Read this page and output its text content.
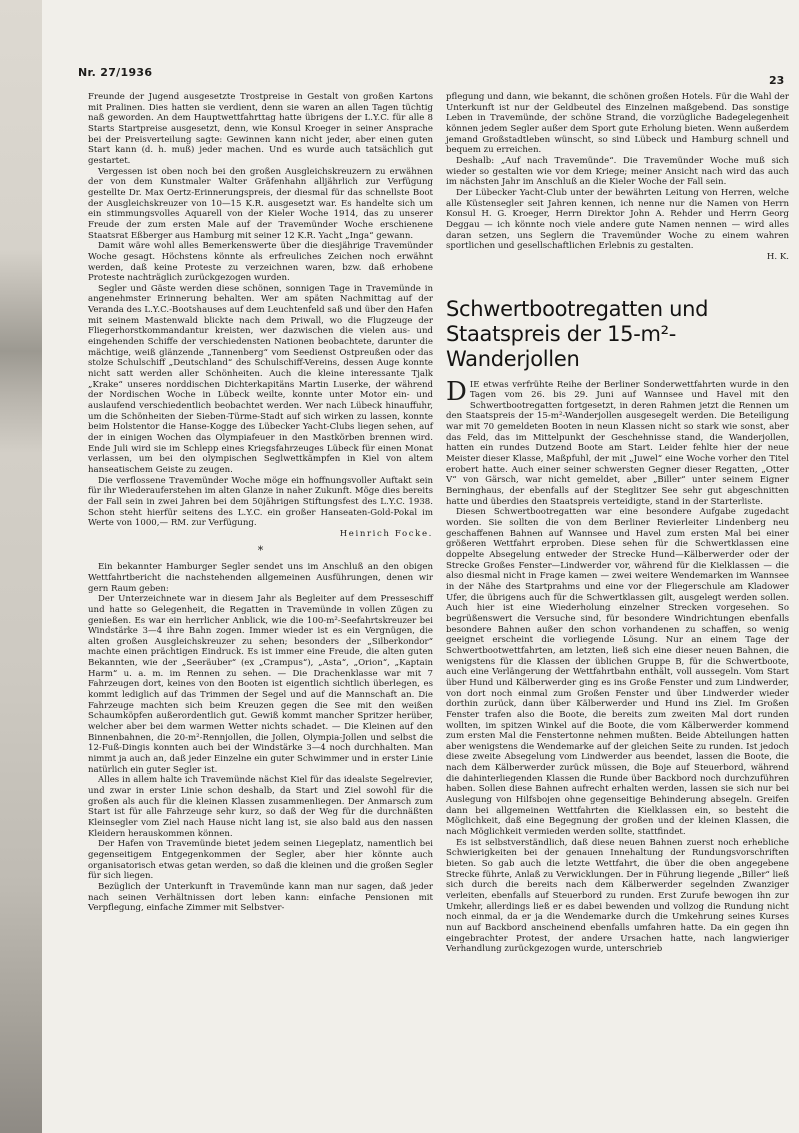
Nr. 27/1936
23

Freunde der Jugend ausgesetzte Trostpreise in Gestalt von großen Kartons mit Pralinen. Dies hatten sie verdient, denn sie waren an allen Tagen tüchtig naß geworden. An dem Hauptwettfahrttag hatte übrigens der L.Y.C. für alle 8 Starts Startpreise ausgesetzt, denn, wie Konsul Kroeger in seiner Ansprache bei der Preisverteilung sagte: Gewinnen kann nicht jeder, aber einen guten Start kann (d. h. muß) jeder machen. Und es wurde auch tatsächlich gut gestartet.

Vergessen ist oben noch bei den großen Ausgleichskreuzern zu erwähnen der von dem Kunstmaler Walter Gräfenhahn alljährlich zur Verfügung gestellte Dr. Max Oertz-Erinnerungspreis, der diesmal für das schnellste Boot der Ausgleichskreuzer von 10—15 K.R. ausgesetzt war. Es handelte sich um ein stimmungsvolles Aquarell von der Kieler Woche 1914, das zu unserer Freude der zum ersten Male auf der Travemünder Woche erschienene Staatsrat Eßberger aus Hamburg mit seiner 12 K.R. Yacht „Inga“ gewann.

Damit wäre wohl alles Bemerkenswerte über die diesjährige Travemünder Woche gesagt. Höchstens könnte als erfreuliches Zeichen noch erwähnt werden, daß keine Proteste zu verzeichnen waren, bzw. daß erhobene Proteste nachträglich zurückgezogen wurden.

Segler und Gäste werden diese schönen, sonnigen Tage in Travemünde in angenehmster Erinnerung behalten. Wer am späten Nachmittag auf der Veranda des L.Y.C.-Bootshauses auf dem Leuchtenfeld saß und über den Hafen mit seinem Mastenwald blickte nach dem Priwall, wo die Flugzeuge der Fliegerhorstkommandantur kreisten, wer dazwischen die vielen aus- und eingehenden Schiffe der verschiedensten Nationen beobachtete, darunter die mächtige, weiß glänzende „Tannenberg“ vom Seedienst Ostpreußen oder das stolze Schulschiff „Deutschland“ des Schulschiff-Vereins, dessen Auge konnte nicht satt werden aller Schönheiten. Auch die kleine interessante Tjalk „Krake“ unseres norddischen Dichterkapitäns Martin Luserke, der während der Nordischen Woche in Lübeck weilte, konnte unter Motor ein- und auslaufend verschiedentlich beobachtet werden. Wer nach Lübeck hinauffuhr, um die Schönheiten der Sieben-Türme-Stadt auf sich wirken zu lassen, konnte beim Holstentor die Hanse-Kogge des Lübecker Yacht-Clubs liegen sehen, auf der in einigen Wochen das Olympiafeuer in den Mastkörben brennen wird. Ende Juli wird sie im Schlepp eines Kriegsfahrzeuges Lübeck für einen Monat verlassen, um bei den olympischen Seglwettkämpfen in Kiel von altem hanseatischem Geiste zu zeugen.

Die verflossene Travemünder Woche möge ein hoffnungsvoller Auftakt sein für ihr Wiederauferstehen im alten Glanze in naher Zukunft. Möge dies bereits der Fall sein in zwei Jahren bei dem 50jährigen Stiftungsfest des L.Y.C. 1938. Schon steht hierfür seitens des L.Y.C. ein großer Hanseaten-Gold-Pokal im Werte von 1000,— RM. zur Verfügung.

Heinrich Focke.

*

Ein bekannter Hamburger Segler sendet uns im Anschluß an den obigen Wettfahrtbericht die nachstehenden allgemeinen Ausführungen, denen wir gern Raum geben:

Der Unterzeichnete war in diesem Jahr als Begleiter auf dem Presseschiff und hatte so Gelegenheit, die Regatten in Travemünde in vollen Zügen zu genießen. Es war ein herrlicher Anblick, wie die 100-m²-Seefahrtskreuzer bei Windstärke 3—4 ihre Bahn zogen. Immer wieder ist es ein Vergnügen, die alten großen Ausgleichskreuzer zu sehen; besonders der „Silberkondor“ machte einen prächtigen Eindruck. Es ist immer eine Freude, die alten guten Bekannten, wie der „Seeräuber“ (ex „Crampus“), „Asta“, „Orion“, „Kaptain Harm“ u. a. m. im Rennen zu sehen. — Die Drachenklasse war mit 7 Fahrzeugen dort, keines von den Booten ist eigentlich sichtlich überlegen, es kommt lediglich auf das Trimmen der Segel und auf die Mannschaft an. Die Fahrzeuge machten sich beim Kreuzen gegen die See mit den weißen Schaumköpfen außerordentlich gut. Gewiß kommt mancher Spritzer herüber, welcher aber bei dem warmen Wetter nichts schadet. — Die Kleinen auf den Binnenbahnen, die 20-m²-Rennjollen, die Jollen, Olympia-Jollen und selbst die 12-Fuß-Dingis konnten auch bei der Windstärke 3—4 noch durchhalten. Man nimmt ja auch an, daß jeder Einzelne ein guter Schwimmer und in erster Linie natürlich ein guter Segler ist.

Alles in allem halte ich Travemünde nächst Kiel für das idealste Segelrevier, und zwar in erster Linie schon deshalb, da Start und Ziel sowohl für die großen als auch für die kleinen Klassen zusammenliegen. Der Anmarsch zum Start ist für alle Fahrzeuge sehr kurz, so daß der Weg für die durchnäßten Kleinsegler vom Ziel nach Hause nicht lang ist, sie also bald aus den nassen Kleidern herauskommen können.

Der Hafen von Travemünde bietet jedem seinen Liegeplatz, namentlich bei gegenseitigem Entgegenkommen der Segler, aber hier könnte auch organisatorisch etwas getan werden, so daß die kleinen und die großen Segler für sich liegen.

Bezüglich der Unterkunft in Travemünde kann man nur sagen, daß jeder nach seinen Verhältnissen dort leben kann: einfache Pensionen mit Verpflegung, einfache Zimmer mit Selbstver-

pflegung und dann, wie bekannt, die schönen großen Hotels. Für die Wahl der Unterkunft ist nur der Geldbeutel des Einzelnen maßgebend. Das sonstige Leben in Travemünde, der schöne Strand, die vorzügliche Badegelegenheit können jedem Segler außer dem Sport gute Erholung bieten. Wenn außerdem jemand Großstadtleben wünscht, so sind Lübeck und Hamburg schnell und bequem zu erreichen.

Deshalb: „Auf nach Travemünde“. Die Travemünder Woche muß sich wieder so gestalten wie vor dem Kriege; meiner Ansicht nach wird das auch im nächsten Jahr im Anschluß an die Kieler Woche der Fall sein.

Der Lübecker Yacht-Club unter der bewährten Leitung von Herren, welche alle Küstensegler seit Jahren kennen, ich nenne nur die Namen von Herrn Konsul H. G. Kroeger, Herrn Direktor John A. Rehder und Herrn Georg Deggau — ich könnte noch viele andere gute Namen nennen — wird alles daran setzen, uns Seglern die Travemünder Woche zu einem wahren sportlichen und gesellschaftlichen Erlebnis zu gestalten.

H. K.

Schwertbootregatten und Staatspreis der 15-m²-Wanderjollen

DIE etwas verfrühte Reihe der Berliner Sonderwettfahrten wurde in den Tagen vom 26. bis 29. Juni auf Wannsee und Havel mit den Schwertbootregatten fortgesetzt, in deren Rahmen jetzt die Rennen um den Staatspreis der 15-m²-Wanderjollen ausgesegelt werden. Die Beteiligung war mit 70 gemeldeten Booten in neun Klassen nicht so stark wie sonst, aber das Feld, das im Mittelpunkt der Geschehnisse stand, die Wanderjollen, hatten ein rundes Dutzend Boote am Start. Leider fehlte hier der neue Meister dieser Klasse, Maßpfuhl, der mit „Juwel“ eine Woche vorher den Titel erobert hatte. Auch einer seiner schwersten Gegner dieser Regatten, „Otter V“ von Gärsch, war nicht gemeldet, aber „Biller“ unter seinem Eigner Berninghaus, der ebenfalls auf der Steglitzer See sehr gut abgeschnitten hatte und überdies den Staatspreis verteidigte, stand in der Starterliste.

Diesen Schwertbootregatten war eine besondere Aufgabe zugedacht worden. Sie sollten die von dem Berliner Revierleiter Lindenberg neu geschaffenen Bahnen auf Wannsee und Havel zum ersten Mal bei einer größeren Wettfahrt erproben. Diese sehen für die Schwertklassen eine doppelte Absegelung entweder der Strecke Hund—Kälberwerder oder der Strecke Großes Fenster—Lindwerder vor, während für die Kielklassen — die also diesmal nicht in Frage kamen — zwei weitere Wendemarken im Wannsee in der Nähe des Startprahms und eine vor der Fliegerschule am Kladower Ufer, die übrigens auch für die Schwertklassen gilt, ausgelegt werden sollen. Auch hier ist eine Wiederholung einzelner Strecken vorgesehen. So begrüßenswert die Versuche sind, für besondere Windrichtungen ebenfalls besondere Bahnen außer den schon vorhandenen zu schaffen, so wenig geeignet erscheint die vorliegende Lösung. Nur an einem Tage der Schwertbootwettfahrten, am letzten, ließ sich eine dieser neuen Bahnen, die wenigstens für die Klassen der üblichen Gruppe B, für die Schwertboote, auch eine Verlängerung der Wettfahrtbahn enthält, voll aussegeln. Vom Start über Hund und Kälberwerder ging es ins Große Fenster und zum Lindwerder, von dort noch einmal zum Großen Fenster und über Lindwerder wieder dorthin zurück, dann über Kälberwerder und Hund ins Ziel. Im Großen Fenster trafen also die Boote, die bereits zum zweiten Mal dort runden wollten, im spitzen Winkel auf die Boote, die vom Kälberwerder kommend zum ersten Mal die Fenstertonne nehmen mußten. Beide Abteilungen hatten aber wenigstens die Wendemarke auf der gleichen Seite zu runden. Ist jedoch diese zweite Absegelung vom Lindwerder aus beendet, lassen die Boote, die nach dem Kälberwerder zurück müssen, die Boje auf Steuerbord, während die dahinterliegenden Klassen die Runde über Backbord noch durchzuführen haben. Sollen diese Bahnen aufrecht erhalten werden, lassen sie sich nur bei Auslegung von Hilfsbojen ohne gegenseitige Behinderung absegeln. Greifen dann bei allgemeinen Wettfahrten die Kielklassen ein, so besteht die Möglichkeit, daß eine Begegnung der großen und der kleinen Klassen, die nach Möglichkeit vermieden werden sollte, stattfindet.

Es ist selbstverständlich, daß diese neuen Bahnen zuerst noch erhebliche Schwierigkeiten bei der genauen Innehaltung der Rundungsvorschriften bieten. So gab auch die letzte Wettfahrt, die über die oben angegebene Strecke führte, Anlaß zu Verwicklungen. Der in Führung liegende „Biller“ ließ sich durch die bereits nach dem Kälberwerder segelnden Zwanziger verleiten, ebenfalls auf Steuerbord zu runden. Erst Zurufe bewogen ihn zur Umkehr, allerdings ließ er es dabei bewenden und vollzog die Rundung nicht noch einmal, da er ja die Wendemarke durch die Umkehrung seines Kurses nun auf Backbord anscheinend ebenfalls umfahren hatte. Da ein gegen ihn eingebrachter Protest, der andere Ursachen hatte, nach langwieriger Verhandlung zurückgezogen wurde, unterschrieb
